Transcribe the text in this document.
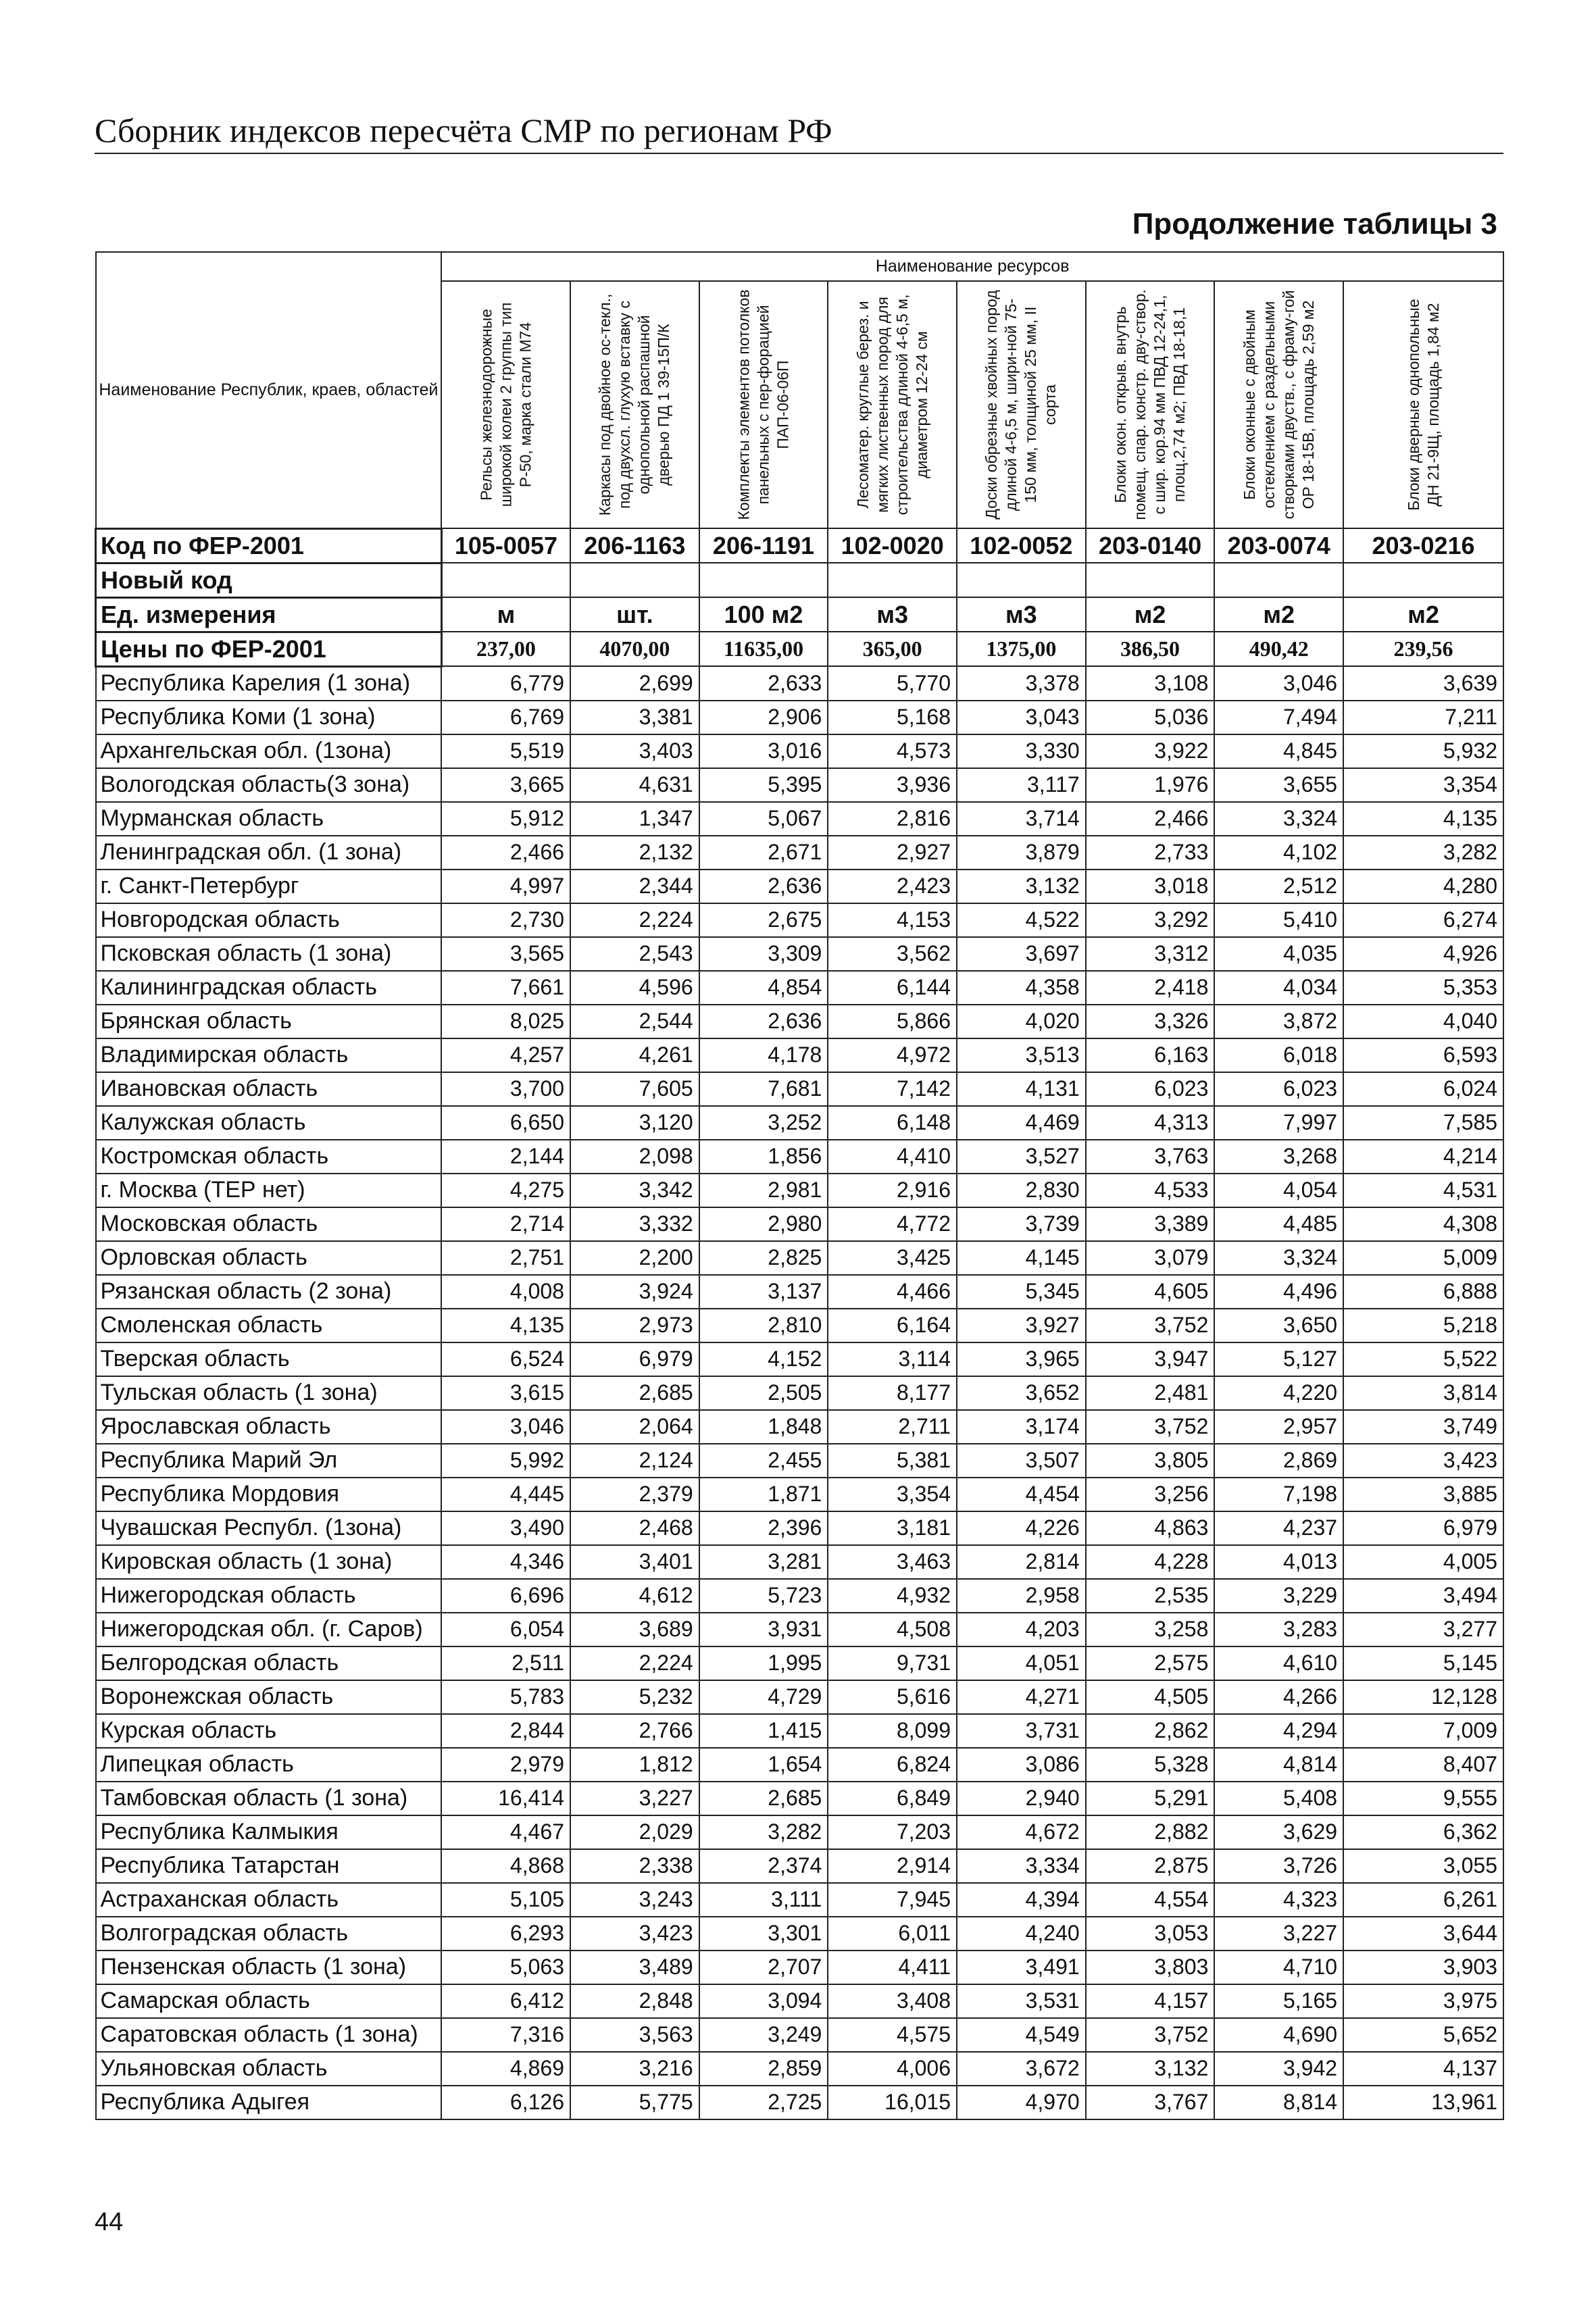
Сборник индексов пересчёта СМР по регионам РФ
Продолжение таблицы 3
Наименование Республик, краев, областей	Наименование ресурсов							

	Рельсы железнодорожные широкой колеи 2 группы тип Р-50, марка стали М74	Каркасы под двойное ос-текл., под двухсл. глухую вставку с однопольной распашной дверью ПД 1 39-15П/К	Комплекты элементов потолков панельных с пер-форацией ПАП-06-06П	Лесоматер. круглые берез. и мягких лиственных пород для строительства длиной 4-6,5 м, диаметром 12-24 см	Доски обрезные хвойных пород длиной 4-6,5 м, шири-ной 75-150 мм, толщиной 25 мм, II сорта	Блоки окон. открыв. внутрь помещ. спар. констр. дву-створ. с шир. кор.94 мм ПВД 12-24,1, площ.2,74 м2; ПВД 18-18,1	Блоки оконные с двойным остеклением с раздельными створками двуств., с фраму-гой ОР 18-15В, площадь 2,59 м2	Блоки дверные однопольные ДН 21-9Щ, площадь 1,84 м2

Код по ФЕР-2001	105-0057	206-1163	206-1191	102-0020	102-0052	203-0140	203-0074	203-0216
Новый код								
Ед. измерения	м	шт.	100 м2	м3	м3	м2	м2	м2
Цены по ФЕР-2001	237,00	4070,00	11635,00	365,00	1375,00	386,50	490,42	239,56
Республика Карелия (1 зона)	6,779	2,699	2,633	5,770	3,378	3,108	3,046	3,639
Республика Коми (1 зона)	6,769	3,381	2,906	5,168	3,043	5,036	7,494	7,211
Архангельская обл. (1зона)	5,519	3,403	3,016	4,573	3,330	3,922	4,845	5,932
Вологодская область(3 зона)	3,665	4,631	5,395	3,936	3,117	1,976	3,655	3,354
Мурманская область	5,912	1,347	5,067	2,816	3,714	2,466	3,324	4,135
Ленинградская обл. (1 зона)	2,466	2,132	2,671	2,927	3,879	2,733	4,102	3,282
г. Санкт-Петербург	4,997	2,344	2,636	2,423	3,132	3,018	2,512	4,280
Новгородская область	2,730	2,224	2,675	4,153	4,522	3,292	5,410	6,274
Псковская область (1 зона)	3,565	2,543	3,309	3,562	3,697	3,312	4,035	4,926
Калининградская область	7,661	4,596	4,854	6,144	4,358	2,418	4,034	5,353
Брянская область	8,025	2,544	2,636	5,866	4,020	3,326	3,872	4,040
Владимирская область	4,257	4,261	4,178	4,972	3,513	6,163	6,018	6,593
Ивановская область	3,700	7,605	7,681	7,142	4,131	6,023	6,023	6,024
Калужская область	6,650	3,120	3,252	6,148	4,469	4,313	7,997	7,585
Костромская область	2,144	2,098	1,856	4,410	3,527	3,763	3,268	4,214
г. Москва (ТЕР нет)	4,275	3,342	2,981	2,916	2,830	4,533	4,054	4,531
Московская область	2,714	3,332	2,980	4,772	3,739	3,389	4,485	4,308
Орловская область	2,751	2,200	2,825	3,425	4,145	3,079	3,324	5,009
Рязанская область (2 зона)	4,008	3,924	3,137	4,466	5,345	4,605	4,496	6,888
Смоленская область	4,135	2,973	2,810	6,164	3,927	3,752	3,650	5,218
Тверская область	6,524	6,979	4,152	3,114	3,965	3,947	5,127	5,522
Тульская область (1 зона)	3,615	2,685	2,505	8,177	3,652	2,481	4,220	3,814
Ярославская область	3,046	2,064	1,848	2,711	3,174	3,752	2,957	3,749
Республика Марий Эл	5,992	2,124	2,455	5,381	3,507	3,805	2,869	3,423
Республика Мордовия	4,445	2,379	1,871	3,354	4,454	3,256	7,198	3,885
Чувашская Республ. (1зона)	3,490	2,468	2,396	3,181	4,226	4,863	4,237	6,979
Кировская область (1 зона)	4,346	3,401	3,281	3,463	2,814	4,228	4,013	4,005
Нижегородская область	6,696	4,612	5,723	4,932	2,958	2,535	3,229	3,494
Нижегородская обл. (г. Саров)	6,054	3,689	3,931	4,508	4,203	3,258	3,283	3,277
Белгородская область	2,511	2,224	1,995	9,731	4,051	2,575	4,610	5,145
Воронежская область	5,783	5,232	4,729	5,616	4,271	4,505	4,266	12,128
Курская область	2,844	2,766	1,415	8,099	3,731	2,862	4,294	7,009
Липецкая область	2,979	1,812	1,654	6,824	3,086	5,328	4,814	8,407
Тамбовская область (1 зона)	16,414	3,227	2,685	6,849	2,940	5,291	5,408	9,555
Республика Калмыкия	4,467	2,029	3,282	7,203	4,672	2,882	3,629	6,362
Республика Татарстан	4,868	2,338	2,374	2,914	3,334	2,875	3,726	3,055
Астраханская область	5,105	3,243	3,111	7,945	4,394	4,554	4,323	6,261
Волгоградская область	6,293	3,423	3,301	6,011	4,240	3,053	3,227	3,644
Пензенская область (1 зона)	5,063	3,489	2,707	4,411	3,491	3,803	4,710	3,903
Самарская область	6,412	2,848	3,094	3,408	3,531	4,157	5,165	3,975
Саратовская область (1 зона)	7,316	3,563	3,249	4,575	4,549	3,752	4,690	5,652
Ульяновская область	4,869	3,216	2,859	4,006	3,672	3,132	3,942	4,137
Республика Адыгея	6,126	5,775	2,725	16,015	4,970	3,767	8,814	13,961
44
